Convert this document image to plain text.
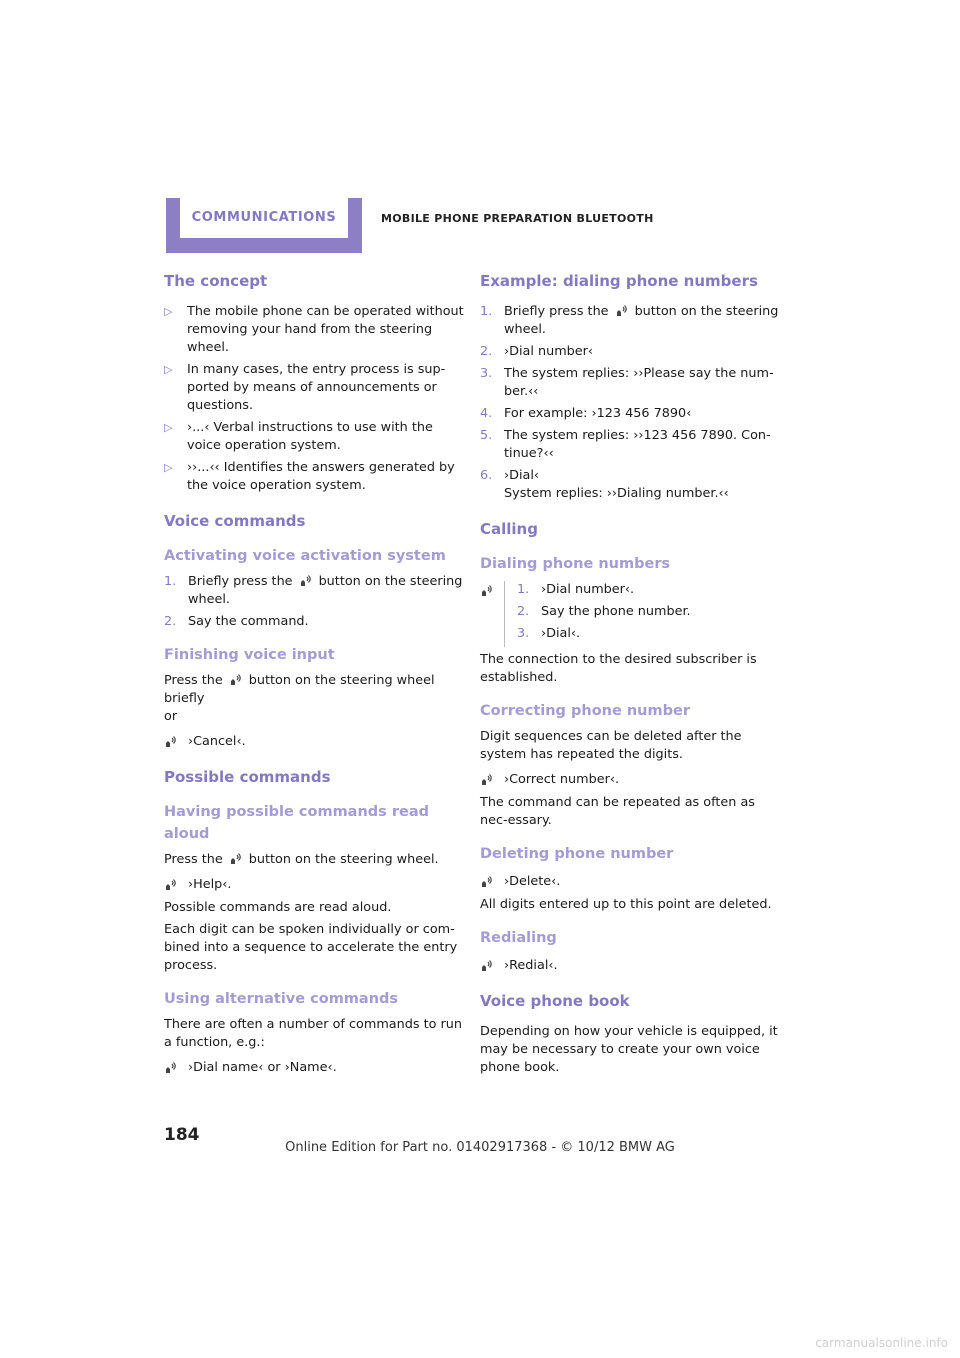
COMMUNICATIONS	MOBILE PHONE PREPARATION BLUETOOTH
The concept
▷	The mobile phone can be operated without removing your hand from the steering wheel.
▷	In many cases, the entry process is sup-ported by means of announcements or questions.
▷	›...‹ Verbal instructions to use with the voice operation system.
▷	››...‹‹ Identifies the answers generated by the voice operation system.
Voice commands
Activating voice activation system
1. Briefly press the button on the steering wheel.
2. Say the command.
Finishing voice input

Press the button on the steering wheel

briefly

or

›Cancel‹.
Possible commands
Having possible commands read aloud

Press the button on the steering wheel.

›Help‹.

Possible commands are read aloud.

Each digit can be spoken individually or com-bined into a sequence to accelerate the entry process.

Using alternative commands

There are often a number of commands to run a function, e.g.:

›Dial name‹ or ›Name‹.
Example: dialing phone numbers
1. Briefly press the button on the steering wheel.
2. ›Dial number‹
3. The system replies: ››Please say the num-ber.‹‹
4. For example: ›123 456 7890‹
5. The system replies: ››123 456 7890. Con-tinue?‹‹
6. ›Dial‹
System replies: ››Dialing number.‹‹
Calling
Dialing phone numbers
1. ›Dial number‹.
2. Say the phone number.
3. ›Dial‹.

The connection to the desired subscriber is established.

Correcting phone number

Digit sequences can be deleted after the system has repeated the digits.

›Correct number‹.

The command can be repeated as often as nec-essary.

Deleting phone number
›Delete‹.

All digits entered up to this point are deleted.

Redialing
›Redial‹.
Voice phone book

Depending on how your vehicle is equipped, it may be necessary to create your own voice phone book.

184
Online Edition for Part no. 01402917368 - © 10/12 BMW AG
carmanualsonline.info
